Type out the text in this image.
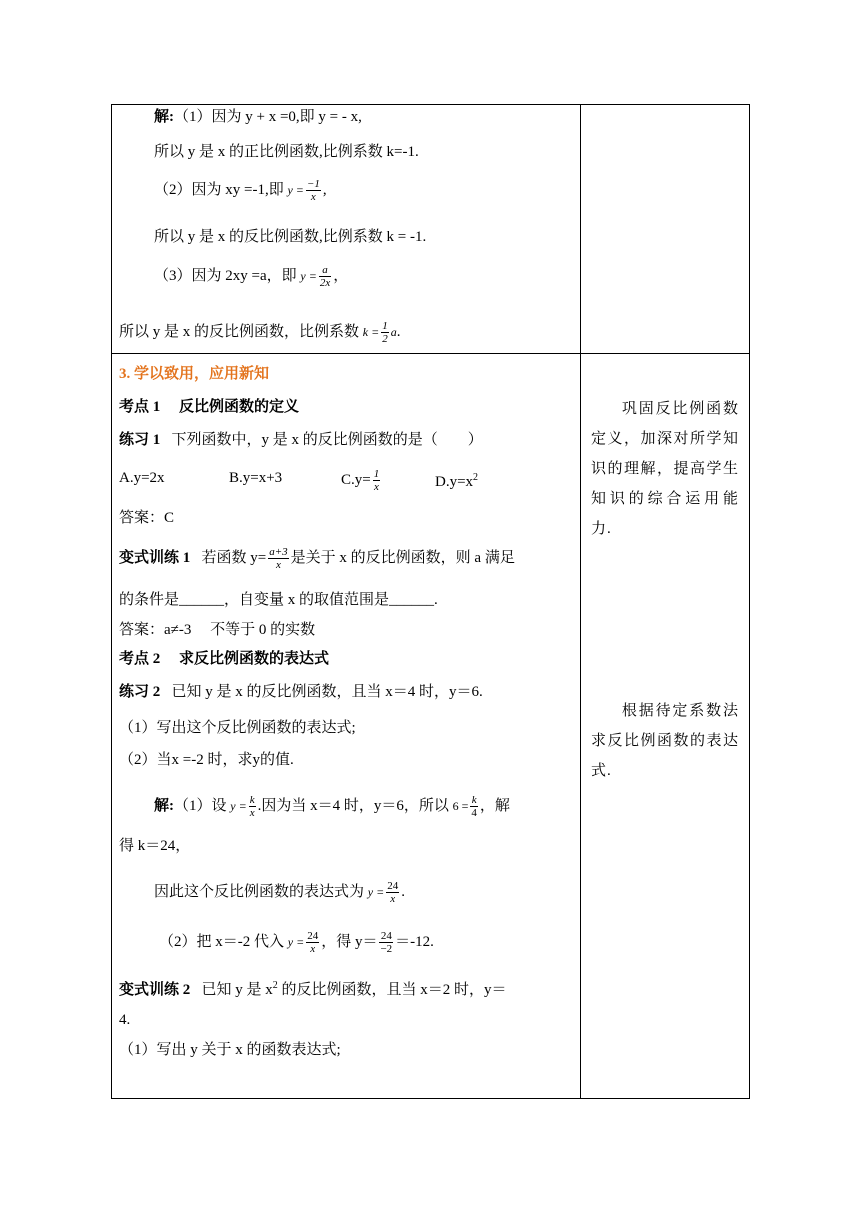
解:（1）因为 y + x =0,即 y = - x,
所以 y 是 x 的正比例函数,比例系数 k=-1.
（2）因为 xy =-1,即 $y = \frac{-1}{x}$ ,
所以 y 是 x 的反比例函数,比例系数 k = -1.
（3）因为 2xy =a，即 $y = \frac{a}{2x}$ ，
所以 y 是 x 的反比例函数，比例系数 $k = \frac{1}{2} a$.
3. 学以致用，应用新知
考点 1　 反比例函数的定义
练习 1 下列函数中，y 是 x 的反比例函数的是（　　）
A.y=2x	B.y=x+3	$C.y= \frac{1}{x}$	$D.y=x^2$
答案：C
变式训练 1 若函数 $y= \frac{a+3}{x}$ 是关于 x 的反比例函数，则 a 满足
的条件是______，自变量 x 的取值范围是______.
答案：a≠-3　 不等于 0 的实数
考点 2　 求反比例函数的表达式
练习 2 已知 y 是 x 的反比例函数，且当 x＝4 时，y＝6.
（1）写出这个反比例函数的表达式;
（2）当x =-2 时，求y的值.
解:（1）设 $y = \frac{k}{x}$ .因为当 x＝4 时，y＝6，所以 $6 = \frac{k}{4}$ ，解
得 k＝24，
因此这个反比例函数的表达式为 $y = \frac{24}{x}$ .
（2）把 x＝-2 代入 $y = \frac{24}{x}$ ，得 $y= \frac{24}{-2} =-12$.
变式训练 2 已知 y 是 $x^2$ 的反比例函数，且当 x＝2 时，y＝
4.
（1）写出 y 关于 x 的函数表达式;
巩固反比例函数定义，加深对所学知识的理解，提高学生知识的综合运用能力.
根据待定系数法求反比例函数的表达式.
